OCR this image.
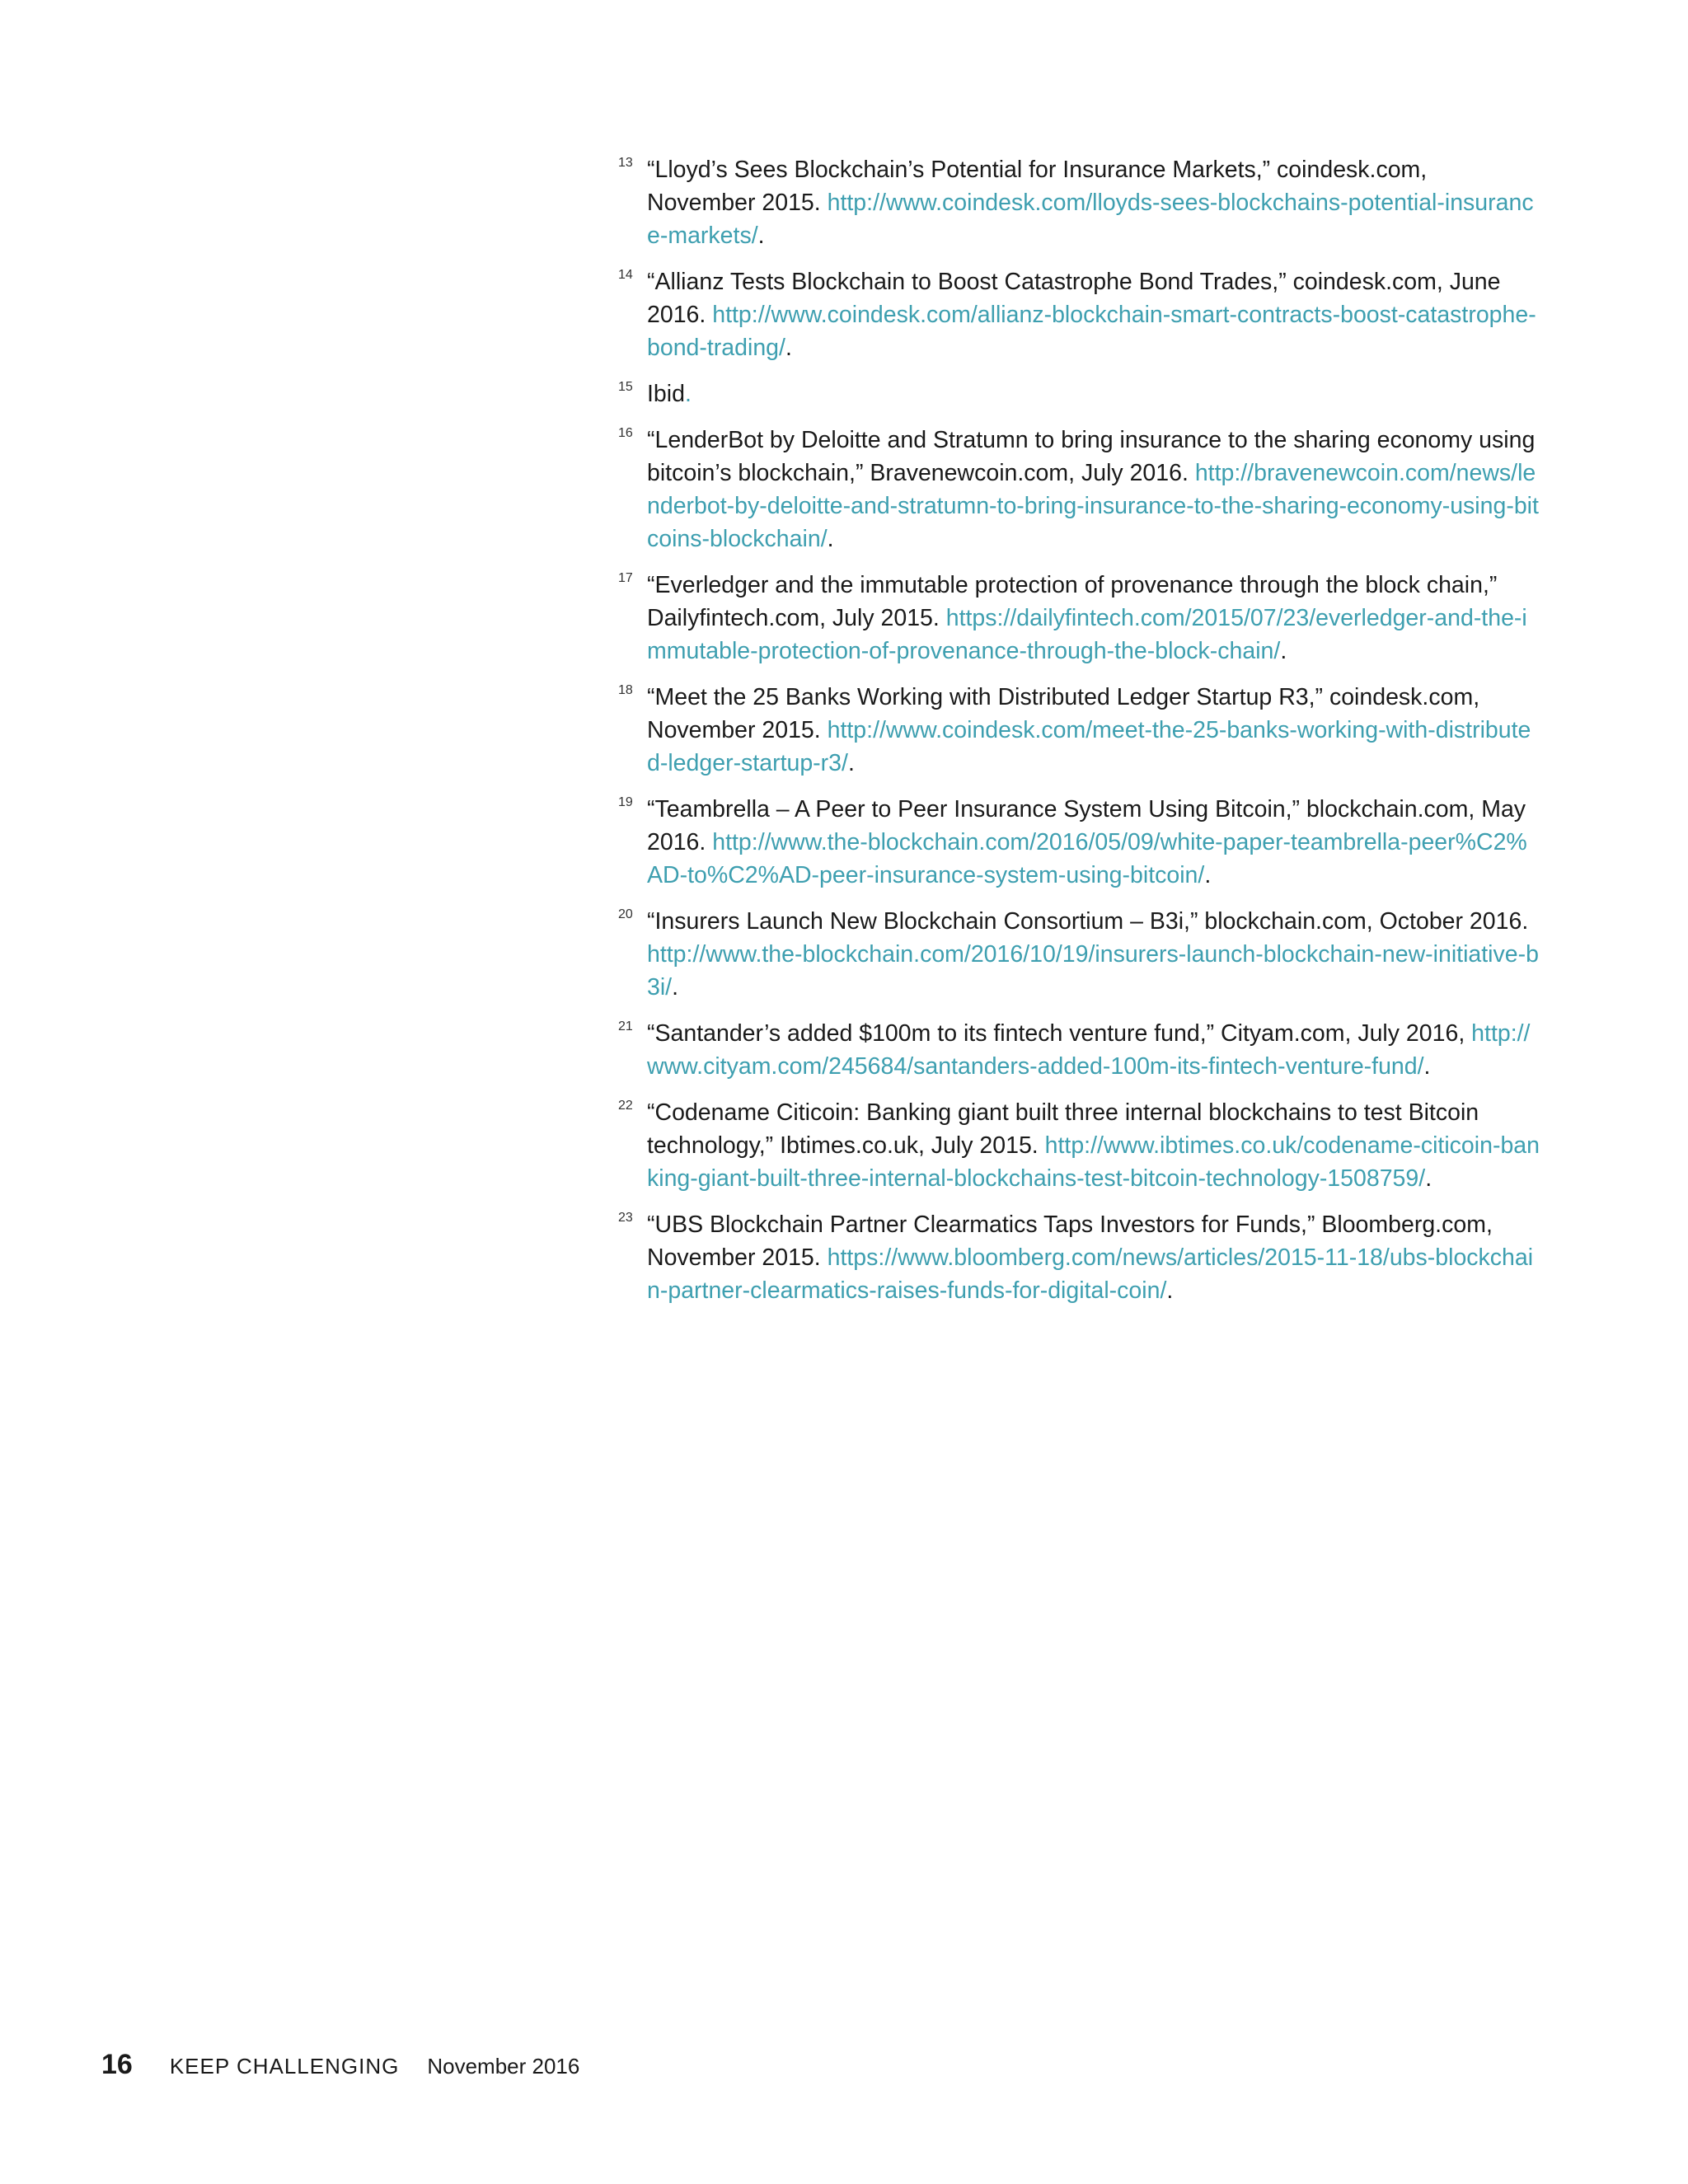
13 “Lloyd’s Sees Blockchain’s Potential for Insurance Markets,” coindesk.com, November 2015. http://www.coindesk.com/lloyds-sees-blockchains-potential-insurance-markets/.
14 “Allianz Tests Blockchain to Boost Catastrophe Bond Trades,” coindesk.com, June 2016. http://www.coindesk.com/allianz-blockchain-smart-contracts-boost-catastrophe-bond-trading/.
15 Ibid.
16 “LenderBot by Deloitte and Stratumn to bring insurance to the sharing economy using bitcoin’s blockchain,” Bravenewcoin.com, July 2016. http://bravenewcoin.com/news/lenderbot-by-deloitte-and-stratumn-to-bring-insurance-to-the-sharing-economy-using-bitcoins-blockchain/.
17 “Everledger and the immutable protection of provenance through the block chain,” Dailyfintech.com, July 2015. https://dailyfintech.com/2015/07/23/everledger-and-the-immutable-protection-of-provenance-through-the-block-chain/.
18 “Meet the 25 Banks Working with Distributed Ledger Startup R3,” coindesk.com, November 2015. http://www.coindesk.com/meet-the-25-banks-working-with-distributed-ledger-startup-r3/.
19 “Teambrella – A Peer to Peer Insurance System Using Bitcoin,” blockchain.com, May 2016. http://www.the-blockchain.com/2016/05/09/white-paper-teambrella-peer%C2%AD-to%C2%AD-peer-insurance-system-using-bitcoin/.
20 “Insurers Launch New Blockchain Consortium – B3i,” blockchain.com, October 2016. http://www.the-blockchain.com/2016/10/19/insurers-launch-blockchain-new-initiative-b3i/.
21 “Santander’s added $100m to its fintech venture fund,” Cityam.com, July 2016, http://www.cityam.com/245684/santanders-added-100m-its-fintech-venture-fund/.
22 “Codename Citicoin: Banking giant built three internal blockchains to test Bitcoin technology,” Ibtimes.co.uk, July 2015. http://www.ibtimes.co.uk/codename-citicoin-banking-giant-built-three-internal-blockchains-test-bitcoin-technology-1508759/.
23 “UBS Blockchain Partner Clearmatics Taps Investors for Funds,” Bloomberg.com, November 2015. https://www.bloomberg.com/news/articles/2015-11-18/ubs-blockchain-partner-clearmatics-raises-funds-for-digital-coin/.
16 KEEP CHALLENGING November 2016
